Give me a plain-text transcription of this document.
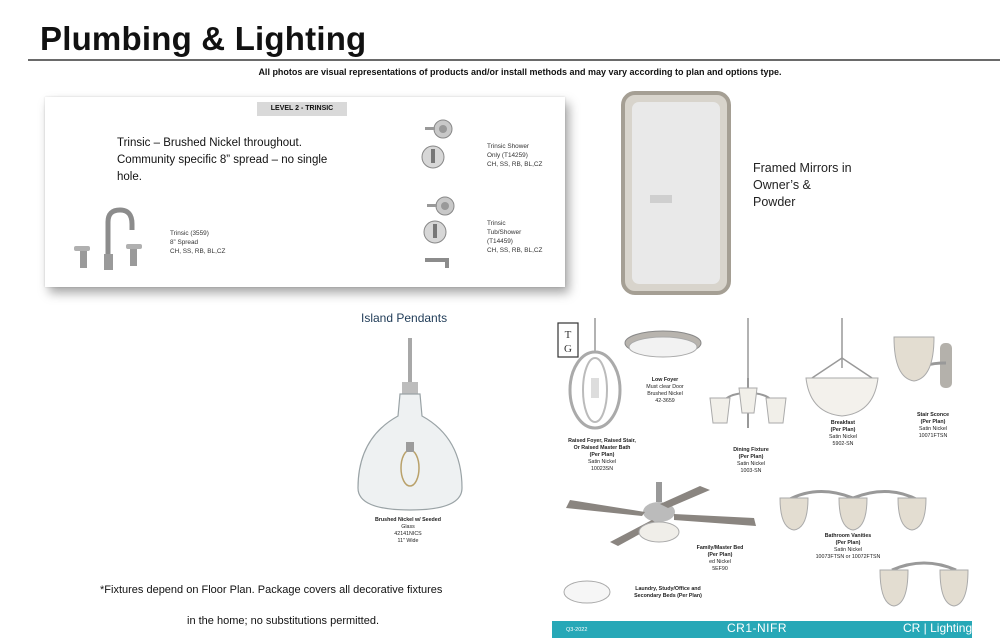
Plumbing & Lighting
All photos are visual representations of products and/or install methods and may vary according to plan and options type.
LEVEL 2 - TRINSIC
Trinsic – Brushed Nickel throughout.
Community specific 8” spread – no single
hole.
Trinsic (3559)
8” Spread
CH, SS, RB, BL,CZ
Trinsic Shower
Only (T14259)
CH, SS, RB, BL,CZ
Trinsic
Tub/Shower
(T14459)
CH, SS, RB, BL,CZ
Framed Mirrors in
Owner’s &
Powder
Island Pendants
Brushed Nickel w/ Seeded
Glass
42141NICS
11" Wide
*Fixtures depend on Floor Plan. Package covers all decorative fixtures
in the home; no substitutions permitted.
T
G
Low Foyer
Must clear Door
Brushed Nickel
42-3659
Raised Foyer, Raised Stair,
Or Raised Master Bath
(Per Plan)
Satin Nickel
10023SN
Dining Fixture
(Per Plan)
Satin Nickel
1003-SN
Breakfast
(Per Plan)
Satin Nickel
5902-SN
Stair Sconce
(Per Plan)
Satin Nickel
10071FTSN
Family/Master Bed
(Per Plan)
ed Nickel
5EF90
Bathroom Vanities
(Per Plan)
Satin Nickel
10073FTSN or 10072FTSN
Laundry, Study/Office and
Secondary Beds (Per Plan)
Q3-2022	CR1-NIFR	CR | Lighting
